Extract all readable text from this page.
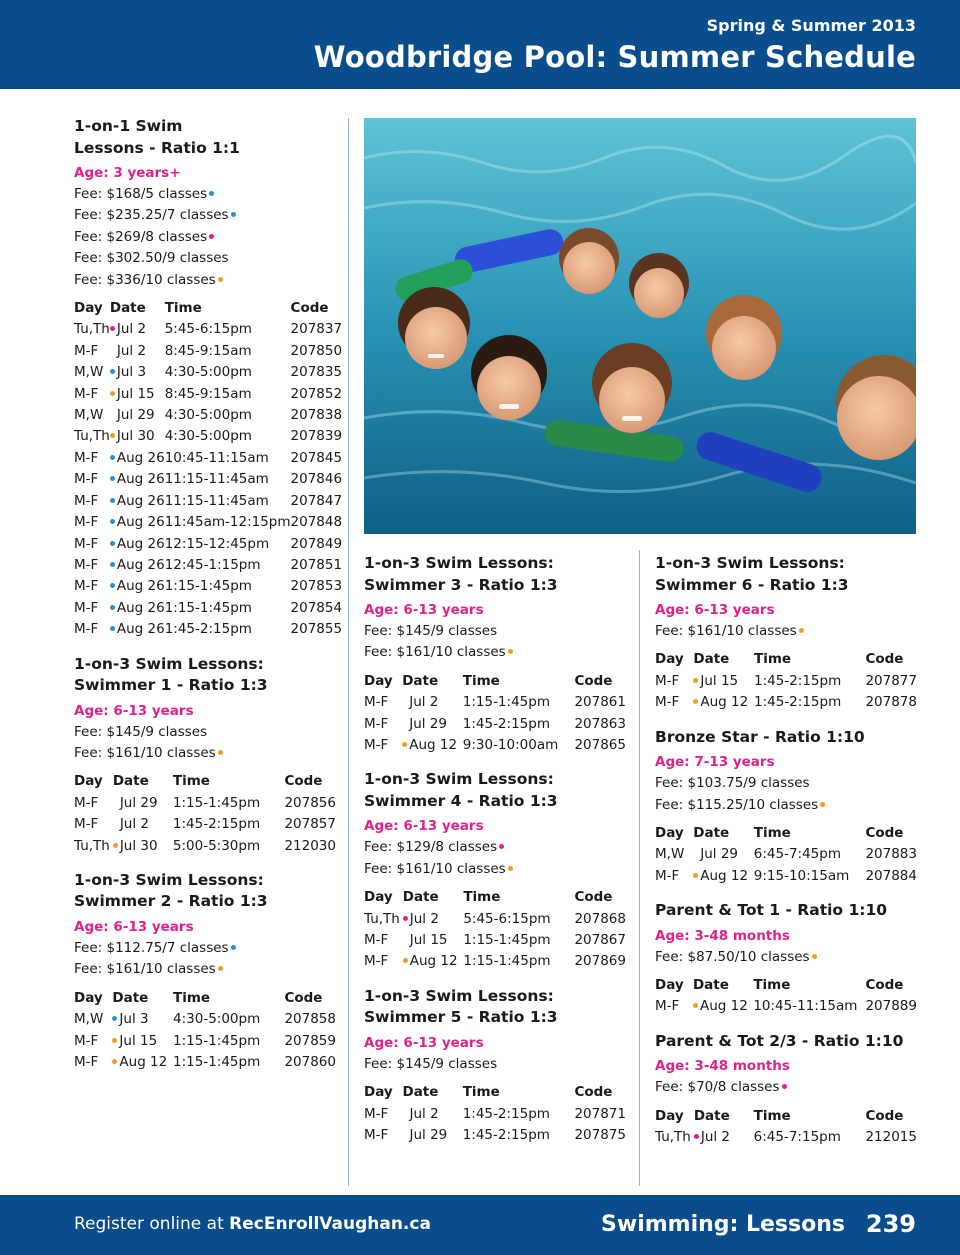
Spring & Summer 2013
Woodbridge Pool: Summer Schedule
1-on-1 Swim
Lessons - Ratio 1:1
Age: 3 years+
Fee: $168/5 classes
Fee: $235.25/7 classes
Fee: $269/8 classes
Fee: $302.50/9 classes
Fee: $336/10 classes
Day	Date	Time	Code
Tu,Th	Jul 2	5:45-6:15pm	207837
M-F	Jul 2	8:45-9:15am	207850
M,W	Jul 3	4:30-5:00pm	207835
M-F	Jul 15	8:45-9:15am	207852
M,W	Jul 29	4:30-5:00pm	207838
Tu,Th	Jul 30	4:30-5:00pm	207839
M-F	Aug 26	10:45-11:15am	207845
M-F	Aug 26	11:15-11:45am	207846
M-F	Aug 26	11:15-11:45am	207847
M-F	Aug 26	11:45am-12:15pm	207848
M-F	Aug 26	12:15-12:45pm	207849
M-F	Aug 26	12:45-1:15pm	207851
M-F	Aug 26	1:15-1:45pm	207853
M-F	Aug 26	1:15-1:45pm	207854
M-F	Aug 26	1:45-2:15pm	207855
1-on-3 Swim Lessons:
Swimmer 1 - Ratio 1:3
Age: 6-13 years
Fee: $145/9 classes
Fee: $161/10 classes
Day	Date	Time	Code
M-F	Jul 29	1:15-1:45pm	207856
M-F	Jul 2	1:45-2:15pm	207857
Tu,Th	Jul 30	5:00-5:30pm	212030
1-on-3 Swim Lessons:
Swimmer 2 - Ratio 1:3
Age: 6-13 years
Fee: $112.75/7 classes
Fee: $161/10 classes
Day	Date	Time	Code
M,W	Jul 3	4:30-5:00pm	207858
M-F	Jul 15	1:15-1:45pm	207859
M-F	Aug 12	1:15-1:45pm	207860
1-on-3 Swim Lessons:
Swimmer 3 - Ratio 1:3
Age: 6-13 years
Fee: $145/9 classes
Fee: $161/10 classes
Day	Date	Time	Code
M-F	Jul 2	1:15-1:45pm	207861
M-F	Jul 29	1:45-2:15pm	207863
M-F	Aug 12	9:30-10:00am	207865
1-on-3 Swim Lessons:
Swimmer 4 - Ratio 1:3
Age: 6-13 years
Fee: $129/8 classes
Fee: $161/10 classes
Day	Date	Time	Code
Tu,Th	Jul 2	5:45-6:15pm	207868
M-F	Jul 15	1:15-1:45pm	207867
M-F	Aug 12	1:15-1:45pm	207869
1-on-3 Swim Lessons:
Swimmer 5 - Ratio 1:3
Age: 6-13 years
Fee: $145/9 classes
Day	Date	Time	Code
M-F	Jul 2	1:45-2:15pm	207871
M-F	Jul 29	1:45-2:15pm	207875
1-on-3 Swim Lessons:
Swimmer 6 - Ratio 1:3
Age: 6-13 years
Fee: $161/10 classes
Day	Date	Time	Code
M-F	Jul 15	1:45-2:15pm	207877
M-F	Aug 12	1:45-2:15pm	207878
Bronze Star - Ratio 1:10
Age: 7-13 years
Fee: $103.75/9 classes
Fee: $115.25/10 classes
Day	Date	Time	Code
M,W	Jul 29	6:45-7:45pm	207883
M-F	Aug 12	9:15-10:15am	207884
Parent & Tot 1 - Ratio 1:10
Age: 3-48 months
Fee: $87.50/10 classes
Day	Date	Time	Code
M-F	Aug 12	10:45-11:15am	207889
Parent & Tot 2/3 - Ratio 1:10
Age: 3-48 months
Fee: $70/8 classes
Day	Date	Time	Code
Tu,Th	Jul 2	6:45-7:15pm	212015
Register online at RecEnrollVaughan.ca	Swimming: Lessons 239
